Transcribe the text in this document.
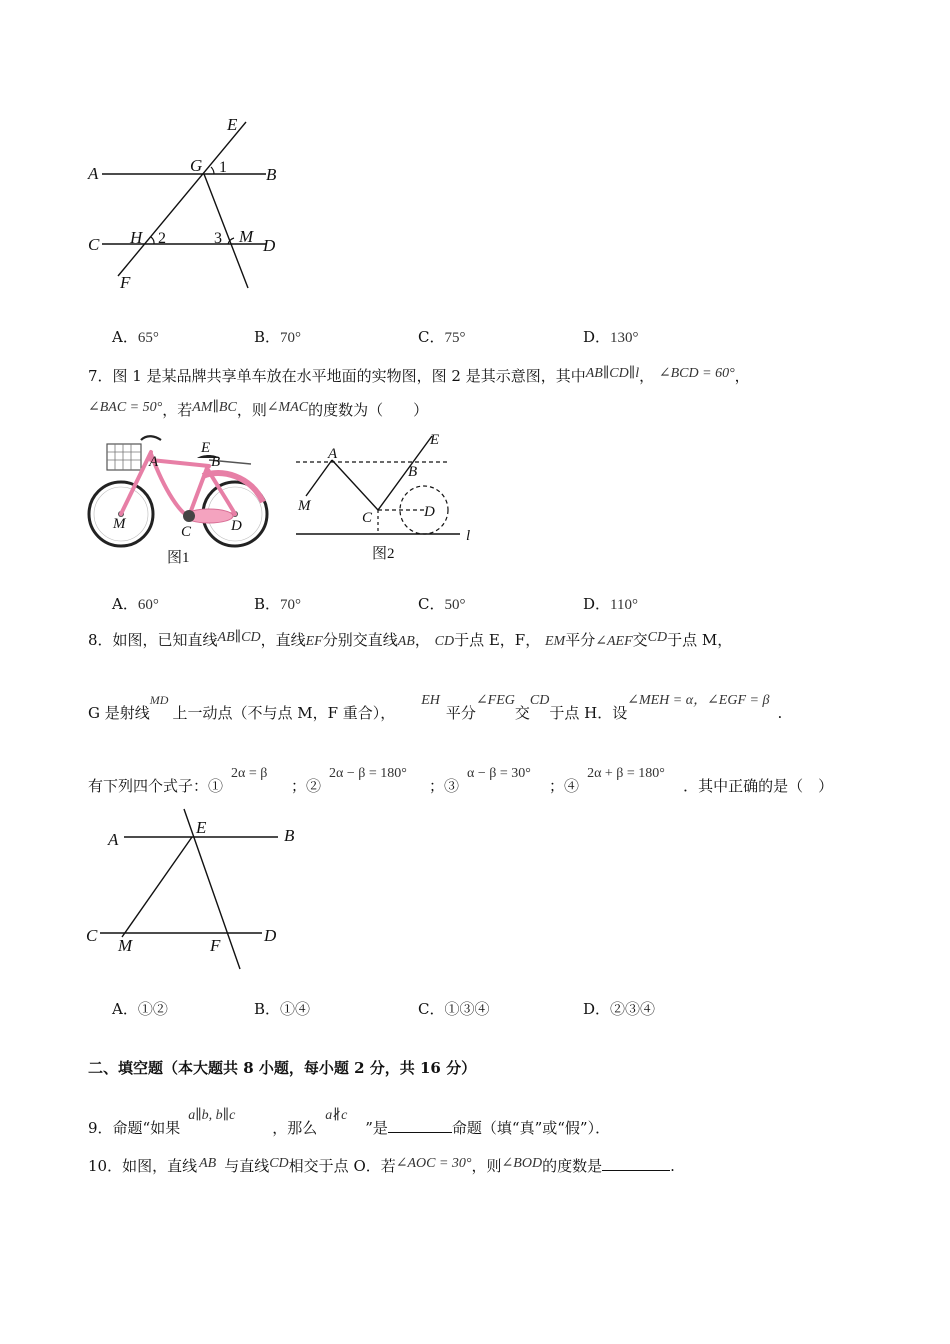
E
A	G 1 B
C H 2	3 M D
F
A．65°	B．70°	C．75°	D．130°
7．图 1 是某品牌共享单车放在水平地面的实物图，图 2 是其示意图，其中AB∥CD∥l， ∠BCD = 60°，
∠BAC = 50°，若AM∥BC，则∠MAC的度数为（　　）
A
E
B
M	C	D
图1
A
E
B
M
C	D
l
图2
A．60°	B．70°	C．50°	D．110°
8．如图，已知直线AB∥CD，直线EF分别交直线AB， CD于点 E，F， EM平分∠AEF交CD于点 M，
G 是射线$^{MD}$上一动点（不与点 M，F 重合），EH平分∠FEG交CD于点 H．设∠MEH = α，∠EGF = β.
有下列四个式子：①2α = β；②2α − β = 180°；③α − β = 30°；④2α + β = 180°．其中正确的是（　）
A
E	B
C
M	F
D
A．①②	B．①④	C．①③④	D．②③④
二、填空题（本大题共 8 小题，每小题 2 分，共 16 分）
9．命题“如果a∥b, b∥c，那么a∦c”是	命题（填“真”或“假”）．
10．如图，直线 AB 与直线CD相交于点 O．若∠AOC = 30°，则∠BOD的度数是	.
